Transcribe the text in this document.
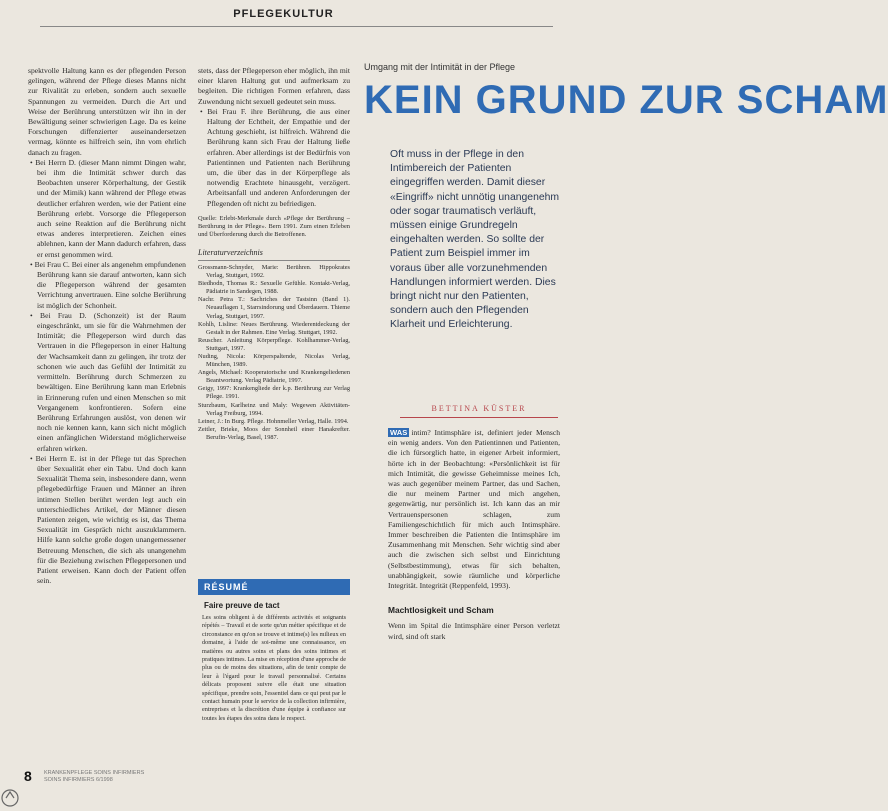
PFLEGEKULTUR

spektvolle Haltung kann es der pflegenden Person gelingen, während der Pflege dieses Manns nicht zur Rivalität zu erleben, sondern auch sexuelle Spannungen zu vermeiden. Durch die Art und Weise der Berührung unterstützen wir ihn in der Bewältigung seiner schwierigen Lage. Da es keine Forschungen diffenzierter auseinandersetzen vermag, könnte es hilfreich sein, ihn vom ehrlich danach zu fragen.

• Bei Herrn D. (dieser Mann nimmt Dingen wahr, bei ihm die Intimität schwer durch das Beobachten unserer Körperhaltung, der Gestik und der Mimik) kann während der Pflege etwas deutlicher erfahren werden, wie der Patient eine Berührung erlebt. Vorsorge die Pflegeperson auch seine Reaktion auf die Berührung nicht etwas anderes interpretieren. Zeichen eines ablehnen, kann der Mann dadurch erfahren, dass er ernst genommen wird.

• Bei Frau C. Bei einer als angenehm empfundenen Berührung kann sie darauf antworten, kann sich die Pflegeperson während der gesamten Verrichtung anvertrauen. Eine solche Berührung ist möglich der Schonheit.

• Bei Frau D. (Schonzeit) ist der Raum eingeschränkt, um sie für die Wahrnehmen der Intimität; die Pflegeperson wird durch das Vertrauen in die Pflegeperson in einer Haltung der Wachsamkeit dann zu gelingen, ihr trotz der schonen wie auch das Gefühl der Intimität zu vermitteln. Berührung durch Schmerzen zu bewältigen. Eine Berührung kann man Erlebnis in Erinnerung rufen und einen Menschen so mit Vergangenem konfrontieren. Sofern eine Berührung Erfahrungen auslöst, von denen wir noch nie kennen kann, kann sich nicht möglich einen anfänglichen Widerstand möglicherweise erfahren wirken.

• Bei Herrn E. ist in der Pflege tut das Sprechen über Sexualität eher ein Tabu. Und doch kann Sexualität Thema sein, insbesondere dann, wenn pflegebedürftige Frauen und Männer an ihren intimen Stellen berührt werden legt auch ein unterschiedliches Artikel, der Männer diesen Patienten zeigen, wie wichtig es ist, das Thema Sexualität im Gespräch nicht auszuklammern. Hilfe kann solche große dogen unangemessener Betreuung Menschen, die sich als unangenehm für die Beziehung zwischen Pflegepersonen und Patient erweisen. Kann doch der Patient offen sein.

stets, dass der Pflegeperson eher möglich, ihn mit einer klaren Haltung gut und aufmerksam zu begleiten. Die richtigen Formen erfahren, dass Zuwendung nicht sexuell gedeutet sein muss.

• Bei Frau F. ihre Berührung, die aus einer Haltung der Echtheit, der Empathie und der Achtung geschieht, ist hilfreich. Während die Berührung kann sich Frau der Haltung ließe erfahren. Aber allerdings ist der Bedürfnis von Patientinnen und Patienten nach Berührung um, die über das in der Körperpflege als notwendig Erachtete hinausgeht, verzögert. Arbeitsanfall und anderen Anforderungen der Pflegenden oft nicht zu befriedigen.

Quelle: Erlebt-Merkmale durch «Pflege der Berührung – Berührung in der Pflege». Bern 1991. Zum einen Erleben und Überforderung durch die Betroffenen.
Literaturverzeichnis

Grossmann-Schnyder, Marie: Berühren. Hippokrates Verlag, Stuttgart, 1992.

Biedhodn, Thomas R.: Sexuelle Gefühle. Kontakt-Verlag, Pädiatrie in Sandegen, 1988.

Nachr. Petra T.: Sachriches der Tastsinn (Band 1). Neuauflagen 1, Starrsindorung und Überdauern. Thieme Verlag, Stuttgart, 1997.

Kohlh, Lisline: Neues Berührung. Wiederentdeckung der Gestalt in der Rahmen. Eine Verlag. Stuttgart, 1992.

Reuscher. Anleitung Körperpflege. Kohlhammer-Verlag, Stuttgart, 1997.

Nuding, Nicola: Körperspaltende, Nicolas Verlag, München, 1989.

Angels, Michael: Kooperatorische und Krankengeliedenen Beantwortung. Verlag Pädiatrie, 1997.

Geigy, 1997: Krankengliede der k.p. Berührung zur Verlag Pflege. 1991.

Sturzbaum, Karlheinz und Maly: Wegewen Aktivitäten-Verlag Freiburg, 1994.

Leiner, J.: In Burg. Pflege. Hohnmeller Verlag, Halle. 1994.

Zeitler, Brieke, Moos der Sonnheil einer Hanakrefter. Berufin-Verlag, Basel, 1987.

RÉSUMÉ
Faire preuve de tact
Les soins obligent à de différents activités et soignants répétés – Travail et de sorte qu'un métier spécifique et de circonstance en qu'on se trouve et intime(s) les milieux en domaine, à l'aide de soi-même une connaissance, en matières ou autres soins et plans des soins intimes et pratiques intimes. La mise en réception d'une approche de plus ou de moins des situations, afin de tenir compte de leur à l'égard pour le travail personnalisé. Certains délicats proposent suivre elle était une situation spécifique, prendre soin, l'essentiel dans ce qui peut par le contact humain pour le service de la collection infirmière, entreprises et la discrétion d'une équipe à confiance sur toutes les étapes des soins dans le respect.
Umgang mit der Intimität in der Pflege
KEIN GRUND ZUR SCHAM
Oft muss in der Pflege in den Intimbereich der Patienten eingegriffen werden. Damit dieser «Eingriff» nicht unnötig unangenehm oder sogar traumatisch verläuft, müssen einige Grundregeln eingehalten werden. So sollte der Patient zum Beispiel immer im voraus über alle vorzunehmenden Handlungen informiert werden. Dies bringt nicht nur den Patienten, sondern auch den Pflegenden Klarheit und Erleichterung.
BETTINA KÜSTER

WAS intim? Intimsphäre ist, definiert jeder Mensch ein wenig anders. Von den Patientinnen und Patienten, die ich fürsorglich hatte, in eigener Arbeit informiert, hörte ich in der Beobachtung: «Persönlichkeit ist für mich Intimität, die gewisse Geheimnisse meines Ich, was auch gegenüber meinem Partner, das und Sachen, die nur meinem Partner und mich angehen, gegenwärtig, nur persönlich ist. Ich kann das an mir Vertrauenspersonen schlagen, zum Familiengeschichtlich für mich auch Intimsphäre. Immer beschreiben die Patienten die Intimsphäre im Zusammenhang mit Menschen. Sehr wichtig sind aber auch die zwischen sich selbst und Einrichtung (Selbstbestimmung), etwas für sich behalten, unabhängigkeit, sowie räumliche und körperliche Integrität. Integrität (Reppenfeld, 1993).

Machtlosigkeit und Scham

Wenn im Spital die Intimsphäre einer Person verletzt wird, sind oft stark

8 KRANKENPFLEGE SOINS INFIRMIERS
SOINS INFIRMIERS 6/1998
